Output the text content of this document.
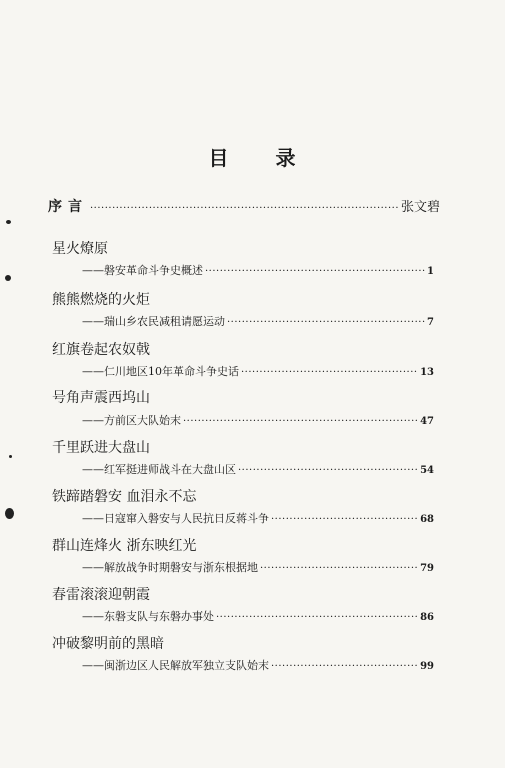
目 录
序言 ·····	张文碧
星火燎原
——磐安革命斗争史概述 ·····	1
熊熊燃烧的火炬
——瑞山乡农民减租请愿运动 ·····	7
红旗卷起农奴戟
——仁川地区10年革命斗争史话 ·····	13
号角声震西坞山
——方前区大队始末 ·····	47
千里跃进大盘山
——红军挺进师战斗在大盘山区 ·····	54
铁蹄踏磐安 血泪永不忘
——日寇窜入磐安与人民抗日反蒋斗争 ·····	68
群山连烽火 浙东映红光
——解放战争时期磐安与浙东根据地 ·····	79
春雷滚滚迎朝霞
——东磐支队与东磐办事处 ·····	86
冲破黎明前的黑暗
——闽浙边区人民解放军独立支队始末 ·····	99
